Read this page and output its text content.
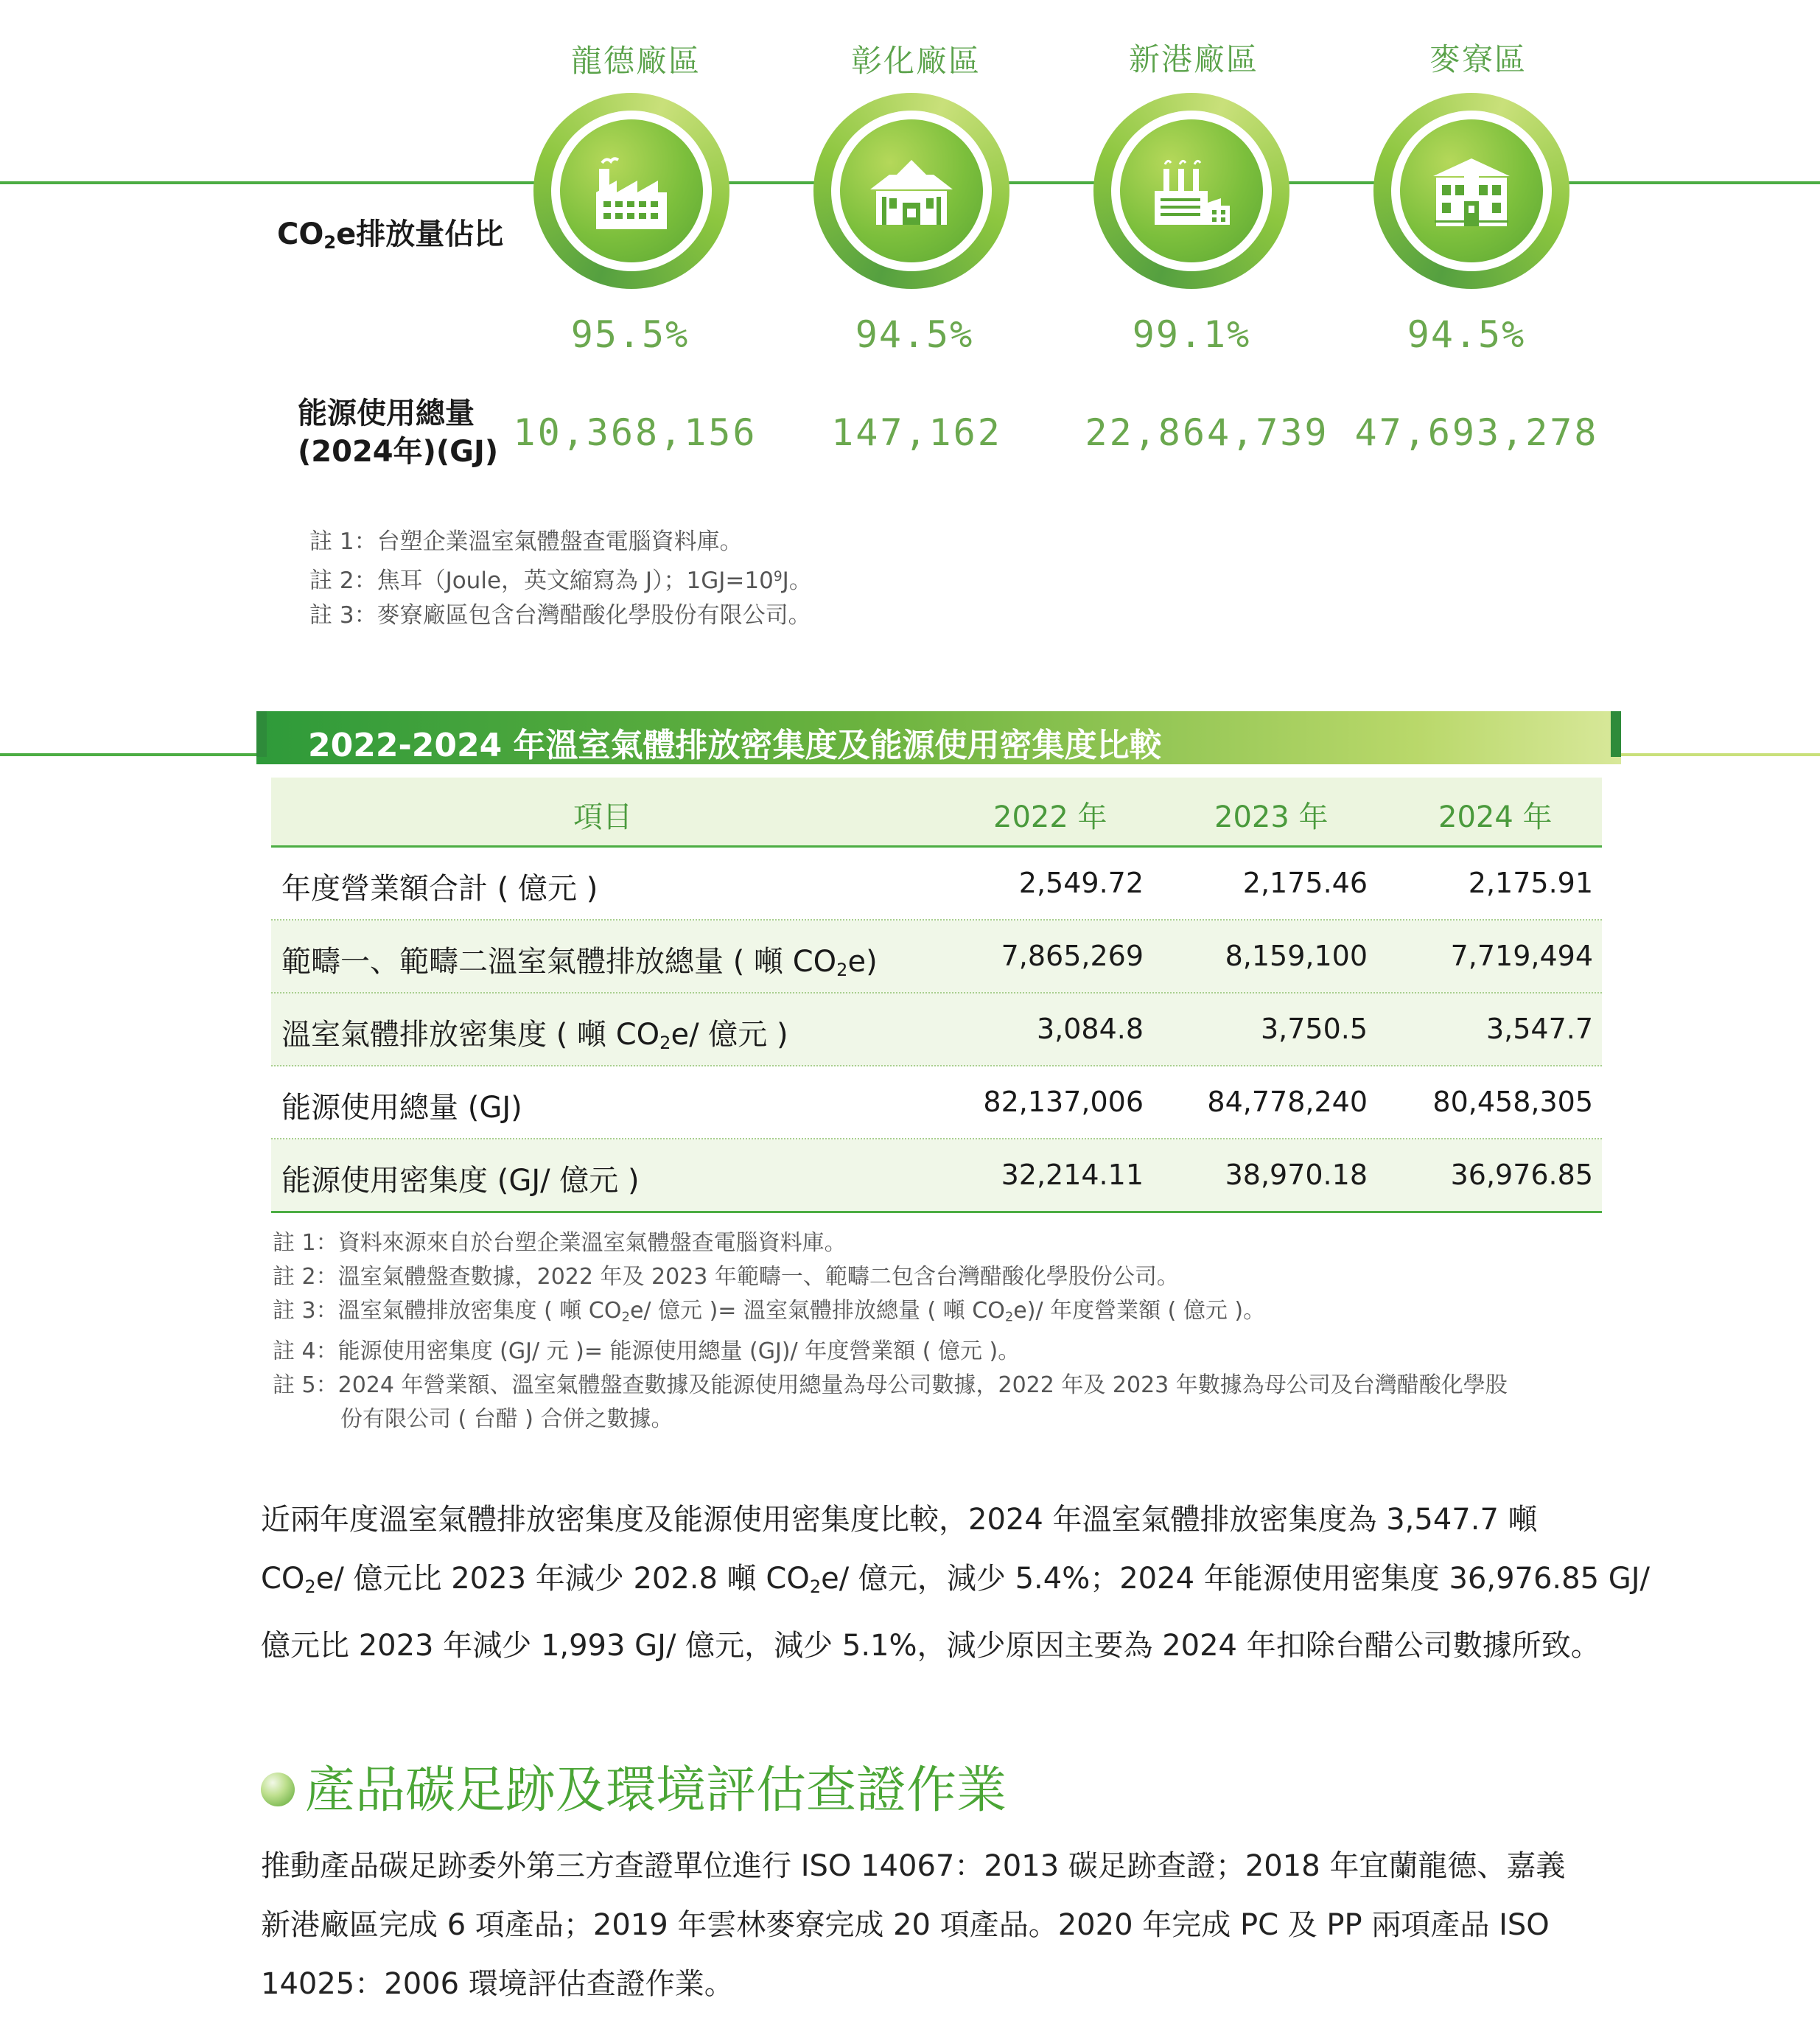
龍德廠區	彰化廠區	新港廠區	麥寮區
$CO_2e$排放量佔比
能源使用總量
(2024年)(GJ)
95.5%	94.5%	99.1%	94.5%
10,368,156	147,162	22,864,739 47,693,278
註 1：台塑企業溫室氣體盤查電腦資料庫。
註 2：焦耳（Joule，英文縮寫為 J）；$1GJ=10^9J$。
註 3：麥寮廠區包含台灣醋酸化學股份有限公司。
2022-2024 年溫室氣體排放密集度及能源使用密集度比較
項目	2022 年	2023 年	2024 年
年度營業額合計 ( 億元 )	2,549.72	2,175.46	2,175.91
範疇一、範疇二溫室氣體排放總量 ( 噸 $CO_2e$)	7,865,269	8,159,100	7,719,494
溫室氣體排放密集度 ( 噸 $CO_2e/$ 億元 )	3,084.8	3,750.5	3,547.7
能源使用總量 (GJ)	82,137,006	84,778,240	80,458,305
能源使用密集度 (GJ/ 億元 )	32,214.11	38,970.18	36,976.85
註 1：資料來源來自於台塑企業溫室氣體盤查電腦資料庫。
註 2：溫室氣體盤查數據，2022 年及 2023 年範疇一、範疇二包含台灣醋酸化學股份公司。
註 3：溫室氣體排放密集度 ( 噸 $CO_2e/$ 億元 )= 溫室氣體排放總量 ( 噸 $CO_2e)/$ 年度營業額 ( 億元 )。
註 4：能源使用密集度 (GJ/ 元 )= 能源使用總量 (GJ)/ 年度營業額 ( 億元 )。
註 5：2024 年營業額、溫室氣體盤查數據及能源使用總量為母公司數據，2022 年及 2023 年數據為母公司及台灣醋酸化學股
份有限公司 ( 台醋 ) 合併之數據。
近兩年度溫室氣體排放密集度及能源使用密集度比較，2024 年溫室氣體排放密集度為 3,547.7 噸
$CO_2e/$ 億元比 2023 年減少 202.8 噸 $CO_2e/$ 億元，減少 5.4%；2024 年能源使用密集度 36,976.85 GJ/
億元比 2023 年減少 1,993 GJ/ 億元，減少 5.1%，減少原因主要為 2024 年扣除台醋公司數據所致。
產品碳足跡及環境評估查證作業
推動產品碳足跡委外第三方查證單位進行 ISO 14067：2013 碳足跡查證；2018 年宜蘭龍德、嘉義
新港廠區完成 6 項產品；2019 年雲林麥寮完成 20 項產品。2020 年完成 PC 及 PP 兩項產品 ISO
14025：2006 環境評估查證作業。
